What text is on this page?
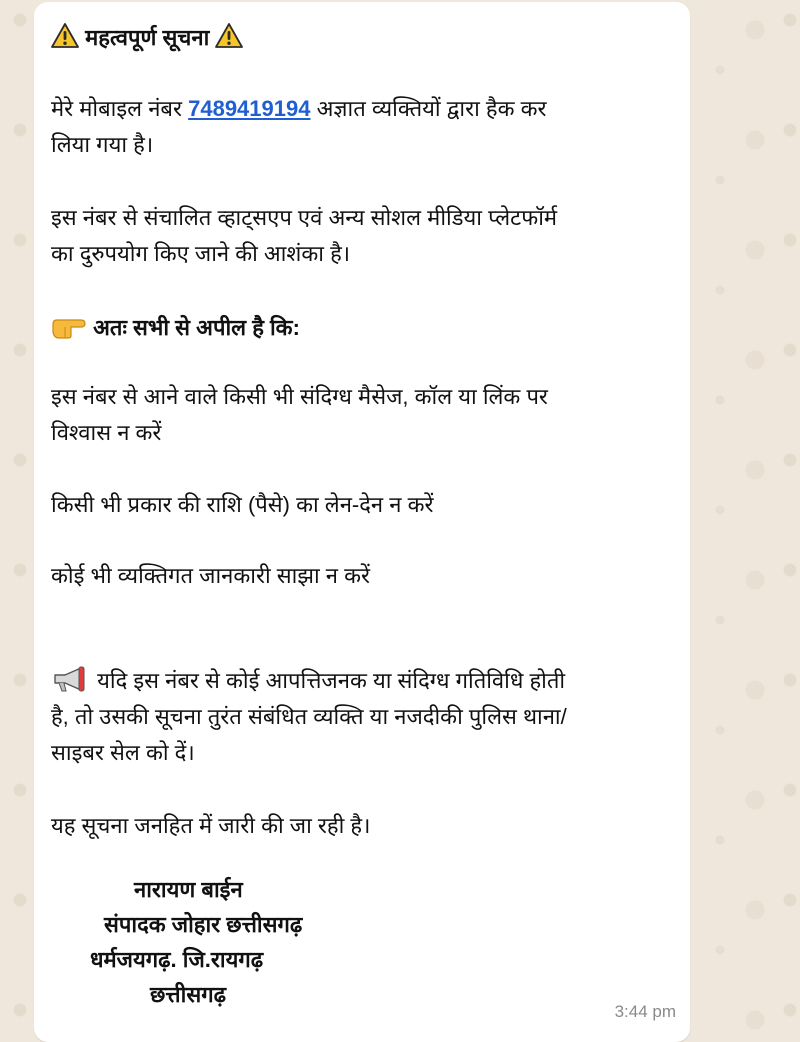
महत्वपूर्ण सूचना
मेरे मोबाइल नंबर 7489419194 अज्ञात व्यक्तियों द्वारा हैक कर
लिया गया है।
इस नंबर से संचालित व्हाट्सएप एवं अन्य सोशल मीडिया प्लेटफॉर्म
का दुरुपयोग किए जाने की आशंका है।
अतः सभी से अपील है कि:
इस नंबर से आने वाले किसी भी संदिग्ध मैसेज, कॉल या लिंक पर
विश्वास न करें
किसी भी प्रकार की राशि (पैसे) का लेन-देन न करें
कोई भी व्यक्तिगत जानकारी साझा न करें
यदि इस नंबर से कोई आपत्तिजनक या संदिग्ध गतिविधि होती
है, तो उसकी सूचना तुरंत संबंधित व्यक्ति या नजदीकी पुलिस थाना/
साइबर सेल को दें।
यह सूचना जनहित में जारी की जा रही है।
नारायण बाईन
संपादक जोहार छत्तीसगढ़
धर्मजयगढ़. जि.रायगढ़
छत्तीसगढ़
3:44 pm
